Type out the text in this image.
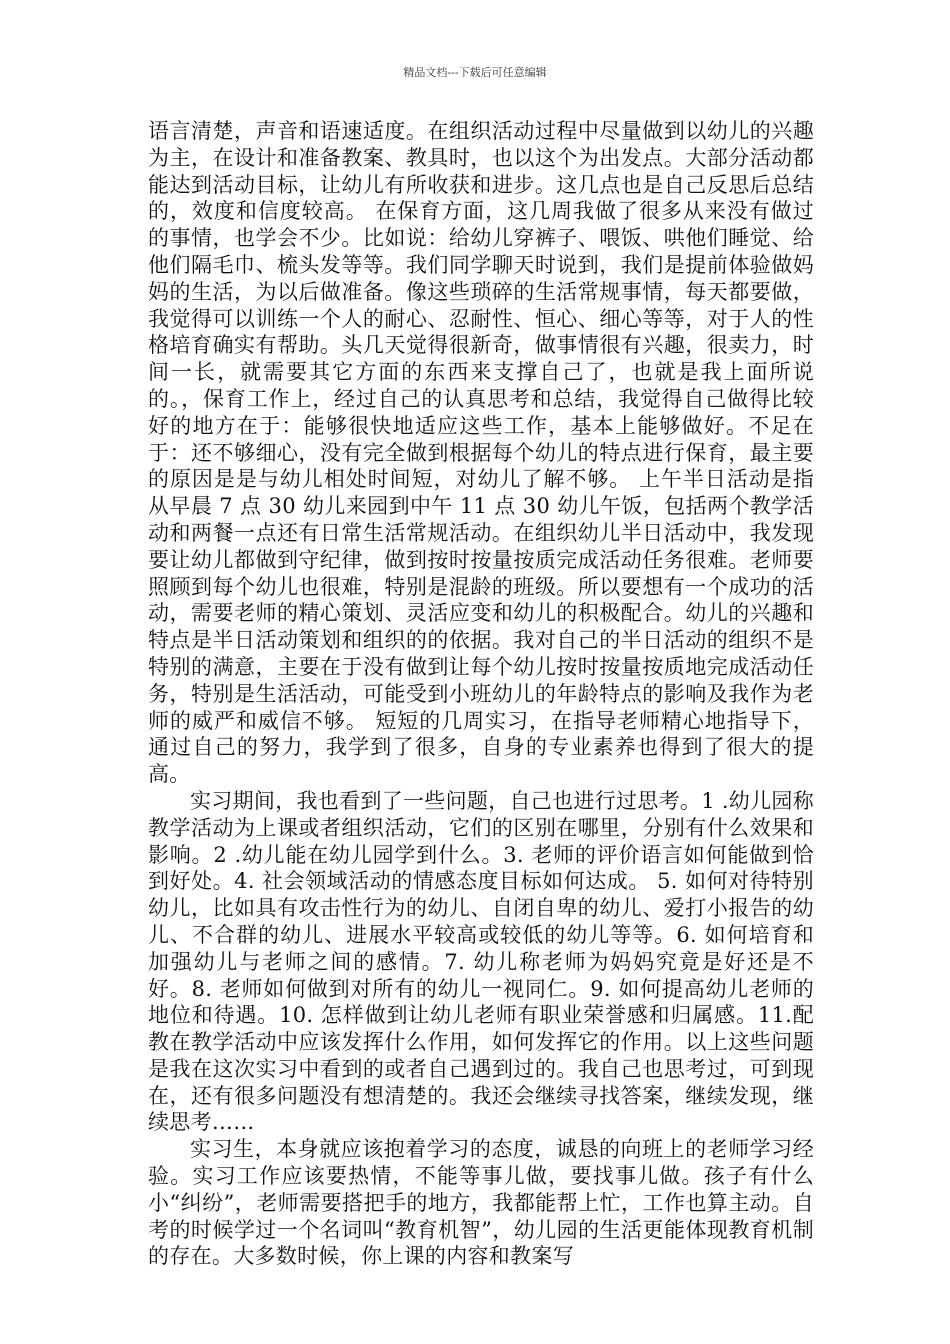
精品文档---下载后可任意编辑

语言清楚，声音和语速适度。在组织活动过程中尽量做到以幼儿的兴趣为主，在设计和准备教案、教具时，也以这个为出发点。大部分活动都能达到活动目标，让幼儿有所收获和进步。这几点也是自己反思后总结的，效度和信度较高。 在保育方面，这几周我做了很多从来没有做过的事情，也学会不少。比如说：给幼儿穿裤子、喂饭、哄他们睡觉、给他们隔毛巾、梳头发等等。我们同学聊天时说到，我们是提前体验做妈妈的生活，为以后做准备。像这些琐碎的生活常规事情，每天都要做，我觉得可以训练一个人的耐心、忍耐性、恒心、细心等等，对于人的性格培育确实有帮助。头几天觉得很新奇，做事情很有兴趣，很卖力，时间一长，就需要其它方面的东西来支撑自己了，也就是我上面所说的。，保育工作上，经过自己的认真思考和总结，我觉得自己做得比较好的地方在于：能够很快地适应这些工作，基本上能够做好。不足在于：还不够细心，没有完全做到根据每个幼儿的特点进行保育，最主要的原因是是与幼儿相处时间短，对幼儿了解不够。 上午半日活动是指从早晨 7 点 30 幼儿来园到中午 11 点 30 幼儿午饭，包括两个教学活动和两餐一点还有日常生活常规活动。在组织幼儿半日活动中，我发现要让幼儿都做到守纪律，做到按时按量按质完成活动任务很难。老师要照顾到每个幼儿也很难，特别是混龄的班级。所以要想有一个成功的活动，需要老师的精心策划、灵活应变和幼儿的积极配合。幼儿的兴趣和特点是半日活动策划和组织的的依据。我对自己的半日活动的组织不是特别的满意，主要在于没有做到让每个幼儿按时按量按质地完成活动任务，特别是生活活动，可能受到小班幼儿的年龄特点的影响及我作为老师的威严和威信不够。 短短的几周实习，在指导老师精心地指导下，通过自己的努力，我学到了很多，自身的专业素养也得到了很大的提高。

实习期间，我也看到了一些问题，自己也进行过思考。1 .幼儿园称教学活动为上课或者组织活动，它们的区别在哪里，分别有什么效果和影响。2 .幼儿能在幼儿园学到什么。3. 老师的评价语言如何能做到恰到好处。4. 社会领域活动的情感态度目标如何达成。 5. 如何对待特别幼儿，比如具有攻击性行为的幼儿、自闭自卑的幼儿、爱打小报告的幼儿、不合群的幼儿、进展水平较高或较低的幼儿等等。6. 如何培育和加强幼儿与老师之间的感情。7. 幼儿称老师为妈妈究竟是好还是不好。8. 老师如何做到对所有的幼儿一视同仁。9. 如何提高幼儿老师的地位和待遇。10. 怎样做到让幼儿老师有职业荣誉感和归属感。11.配教在教学活动中应该发挥什么作用，如何发挥它的作用。以上这些问题是我在这次实习中看到的或者自己遇到过的。我自己也思考过，可到现在，还有很多问题没有想清楚的。我还会继续寻找答案，继续发现，继续思考……

实习生，本身就应该抱着学习的态度，诚恳的向班上的老师学习经验。实习工作应该要热情，不能等事儿做，要找事儿做。孩子有什么小“纠纷”，老师需要搭把手的地方，我都能帮上忙，工作也算主动。自考的时候学过一个名词叫“教育机智”，幼儿园的生活更能体现教育机制的存在。大多数时候，你上课的内容和教案写
